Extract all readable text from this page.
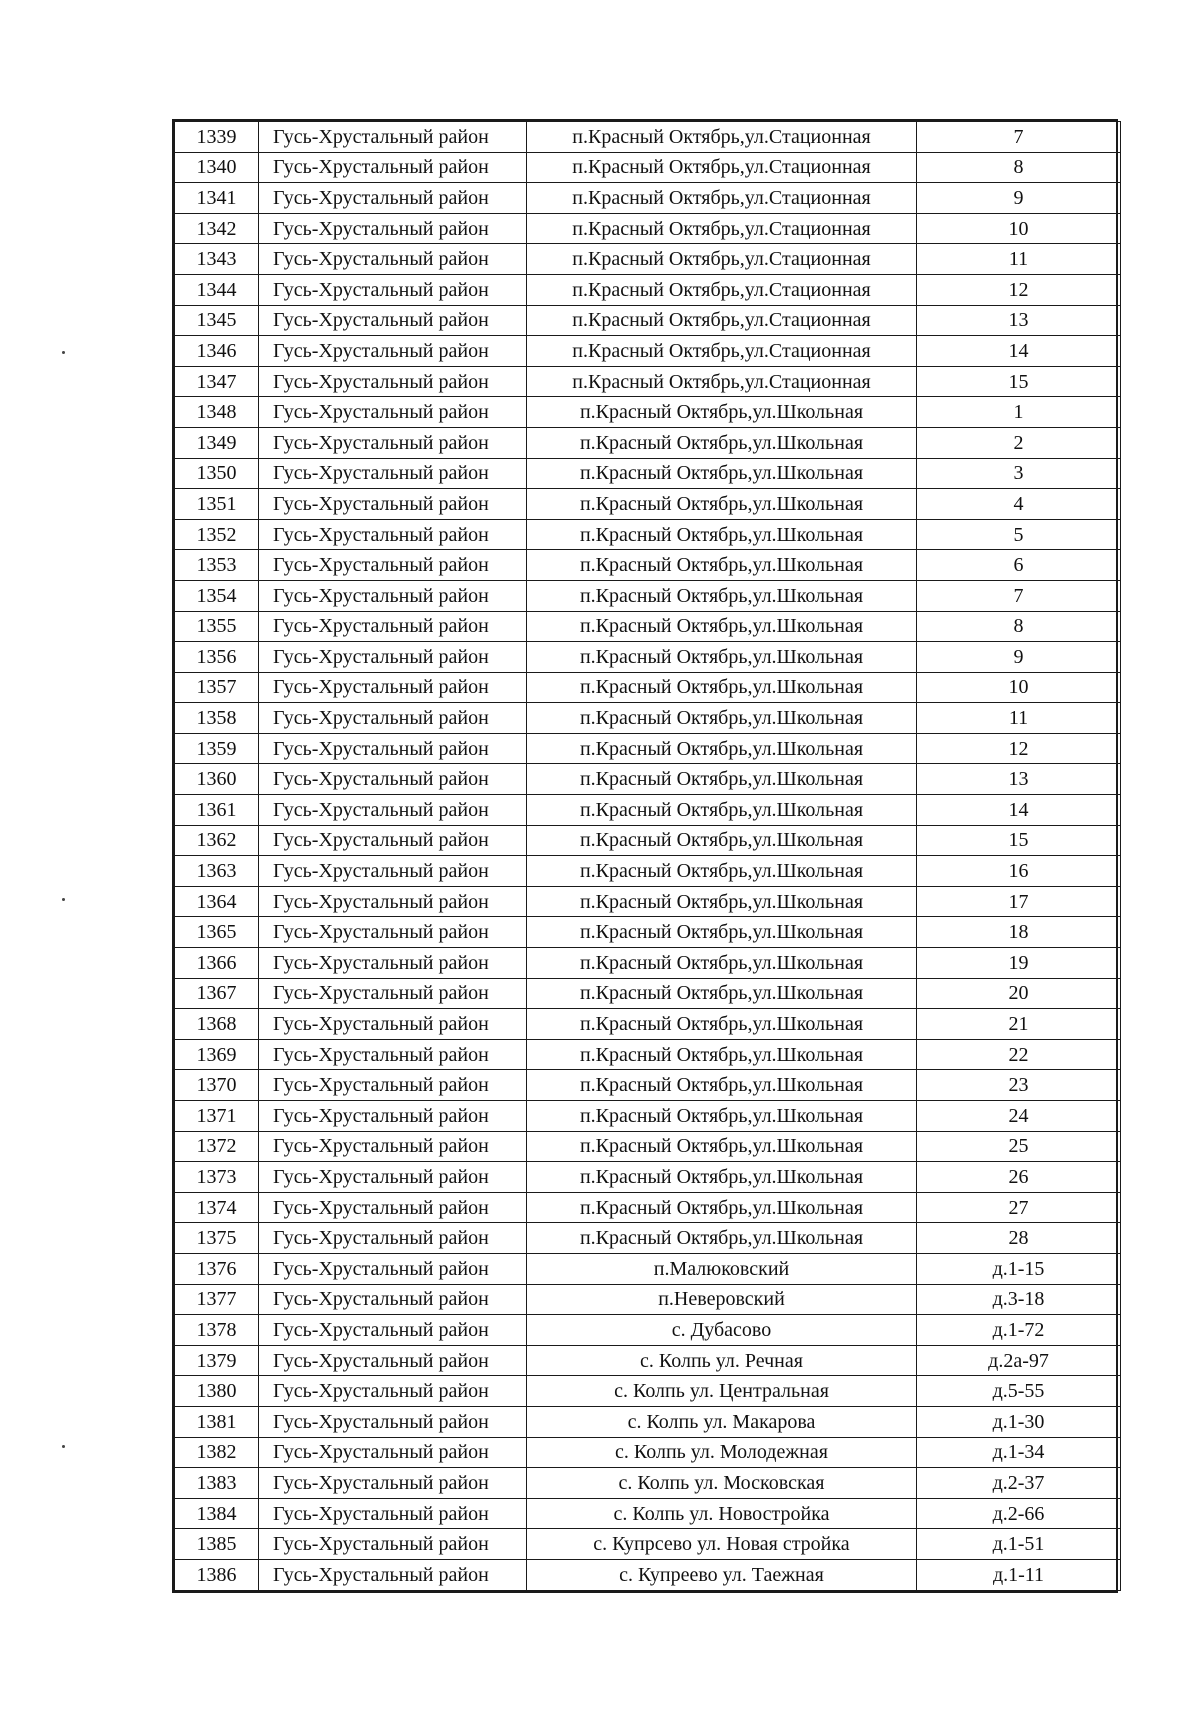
1339	Гусь-Хрустальный район	п.Красный Октябрь,ул.Стационная	7
1340	Гусь-Хрустальный район	п.Красный Октябрь,ул.Стационная	8
1341	Гусь-Хрустальный район	п.Красный Октябрь,ул.Стационная	9
1342	Гусь-Хрустальный район	п.Красный Октябрь,ул.Стационная	10
1343	Гусь-Хрустальный район	п.Красный Октябрь,ул.Стационная	11
1344	Гусь-Хрустальный район	п.Красный Октябрь,ул.Стационная	12
1345	Гусь-Хрустальный район	п.Красный Октябрь,ул.Стационная	13
1346	Гусь-Хрустальный район	п.Красный Октябрь,ул.Стационная	14
1347	Гусь-Хрустальный район	п.Красный Октябрь,ул.Стационная	15
1348	Гусь-Хрустальный район	п.Красный Октябрь,ул.Школьная	1
1349	Гусь-Хрустальный район	п.Красный Октябрь,ул.Школьная	2
1350	Гусь-Хрустальный район	п.Красный Октябрь,ул.Школьная	3
1351	Гусь-Хрустальный район	п.Красный Октябрь,ул.Школьная	4
1352	Гусь-Хрустальный район	п.Красный Октябрь,ул.Школьная	5
1353	Гусь-Хрустальный район	п.Красный Октябрь,ул.Школьная	6
1354	Гусь-Хрустальный район	п.Красный Октябрь,ул.Школьная	7
1355	Гусь-Хрустальный район	п.Красный Октябрь,ул.Школьная	8
1356	Гусь-Хрустальный район	п.Красный Октябрь,ул.Школьная	9
1357	Гусь-Хрустальный район	п.Красный Октябрь,ул.Школьная	10
1358	Гусь-Хрустальный район	п.Красный Октябрь,ул.Школьная	11
1359	Гусь-Хрустальный район	п.Красный Октябрь,ул.Школьная	12
1360	Гусь-Хрустальный район	п.Красный Октябрь,ул.Школьная	13
1361	Гусь-Хрустальный район	п.Красный Октябрь,ул.Школьная	14
1362	Гусь-Хрустальный район	п.Красный Октябрь,ул.Школьная	15
1363	Гусь-Хрустальный район	п.Красный Октябрь,ул.Школьная	16
1364	Гусь-Хрустальный район	п.Красный Октябрь,ул.Школьная	17
1365	Гусь-Хрустальный район	п.Красный Октябрь,ул.Школьная	18
1366	Гусь-Хрустальный район	п.Красный Октябрь,ул.Школьная	19
1367	Гусь-Хрустальный район	п.Красный Октябрь,ул.Школьная	20
1368	Гусь-Хрустальный район	п.Красный Октябрь,ул.Школьная	21
1369	Гусь-Хрустальный район	п.Красный Октябрь,ул.Школьная	22
1370	Гусь-Хрустальный район	п.Красный Октябрь,ул.Школьная	23
1371	Гусь-Хрустальный район	п.Красный Октябрь,ул.Школьная	24
1372	Гусь-Хрустальный район	п.Красный Октябрь,ул.Школьная	25
1373	Гусь-Хрустальный район	п.Красный Октябрь,ул.Школьная	26
1374	Гусь-Хрустальный район	п.Красный Октябрь,ул.Школьная	27
1375	Гусь-Хрустальный район	п.Красный Октябрь,ул.Школьная	28
1376	Гусь-Хрустальный район	п.Малюковский	д.1-15
1377	Гусь-Хрустальный район	п.Неверовский	д.3-18
1378	Гусь-Хрустальный район	с. Дубасово	д.1-72
1379	Гусь-Хрустальный район	с. Колпь ул. Речная	д.2а-97
1380	Гусь-Хрустальный район	с. Колпь ул. Центральная	д.5-55
1381	Гусь-Хрустальный район	с. Колпь ул. Макарова	д.1-30
1382	Гусь-Хрустальный район	с. Колпь ул. Молодежная	д.1-34
1383	Гусь-Хрустальный район	с. Колпь ул. Московская	д.2-37
1384	Гусь-Хрустальный район	с. Колпь ул. Новостройка	д.2-66
1385	Гусь-Хрустальный район	с. Купрсево ул. Новая стройка	д.1-51
1386	Гусь-Хрустальный район	с. Купреево ул. Таежная	д.1-11
